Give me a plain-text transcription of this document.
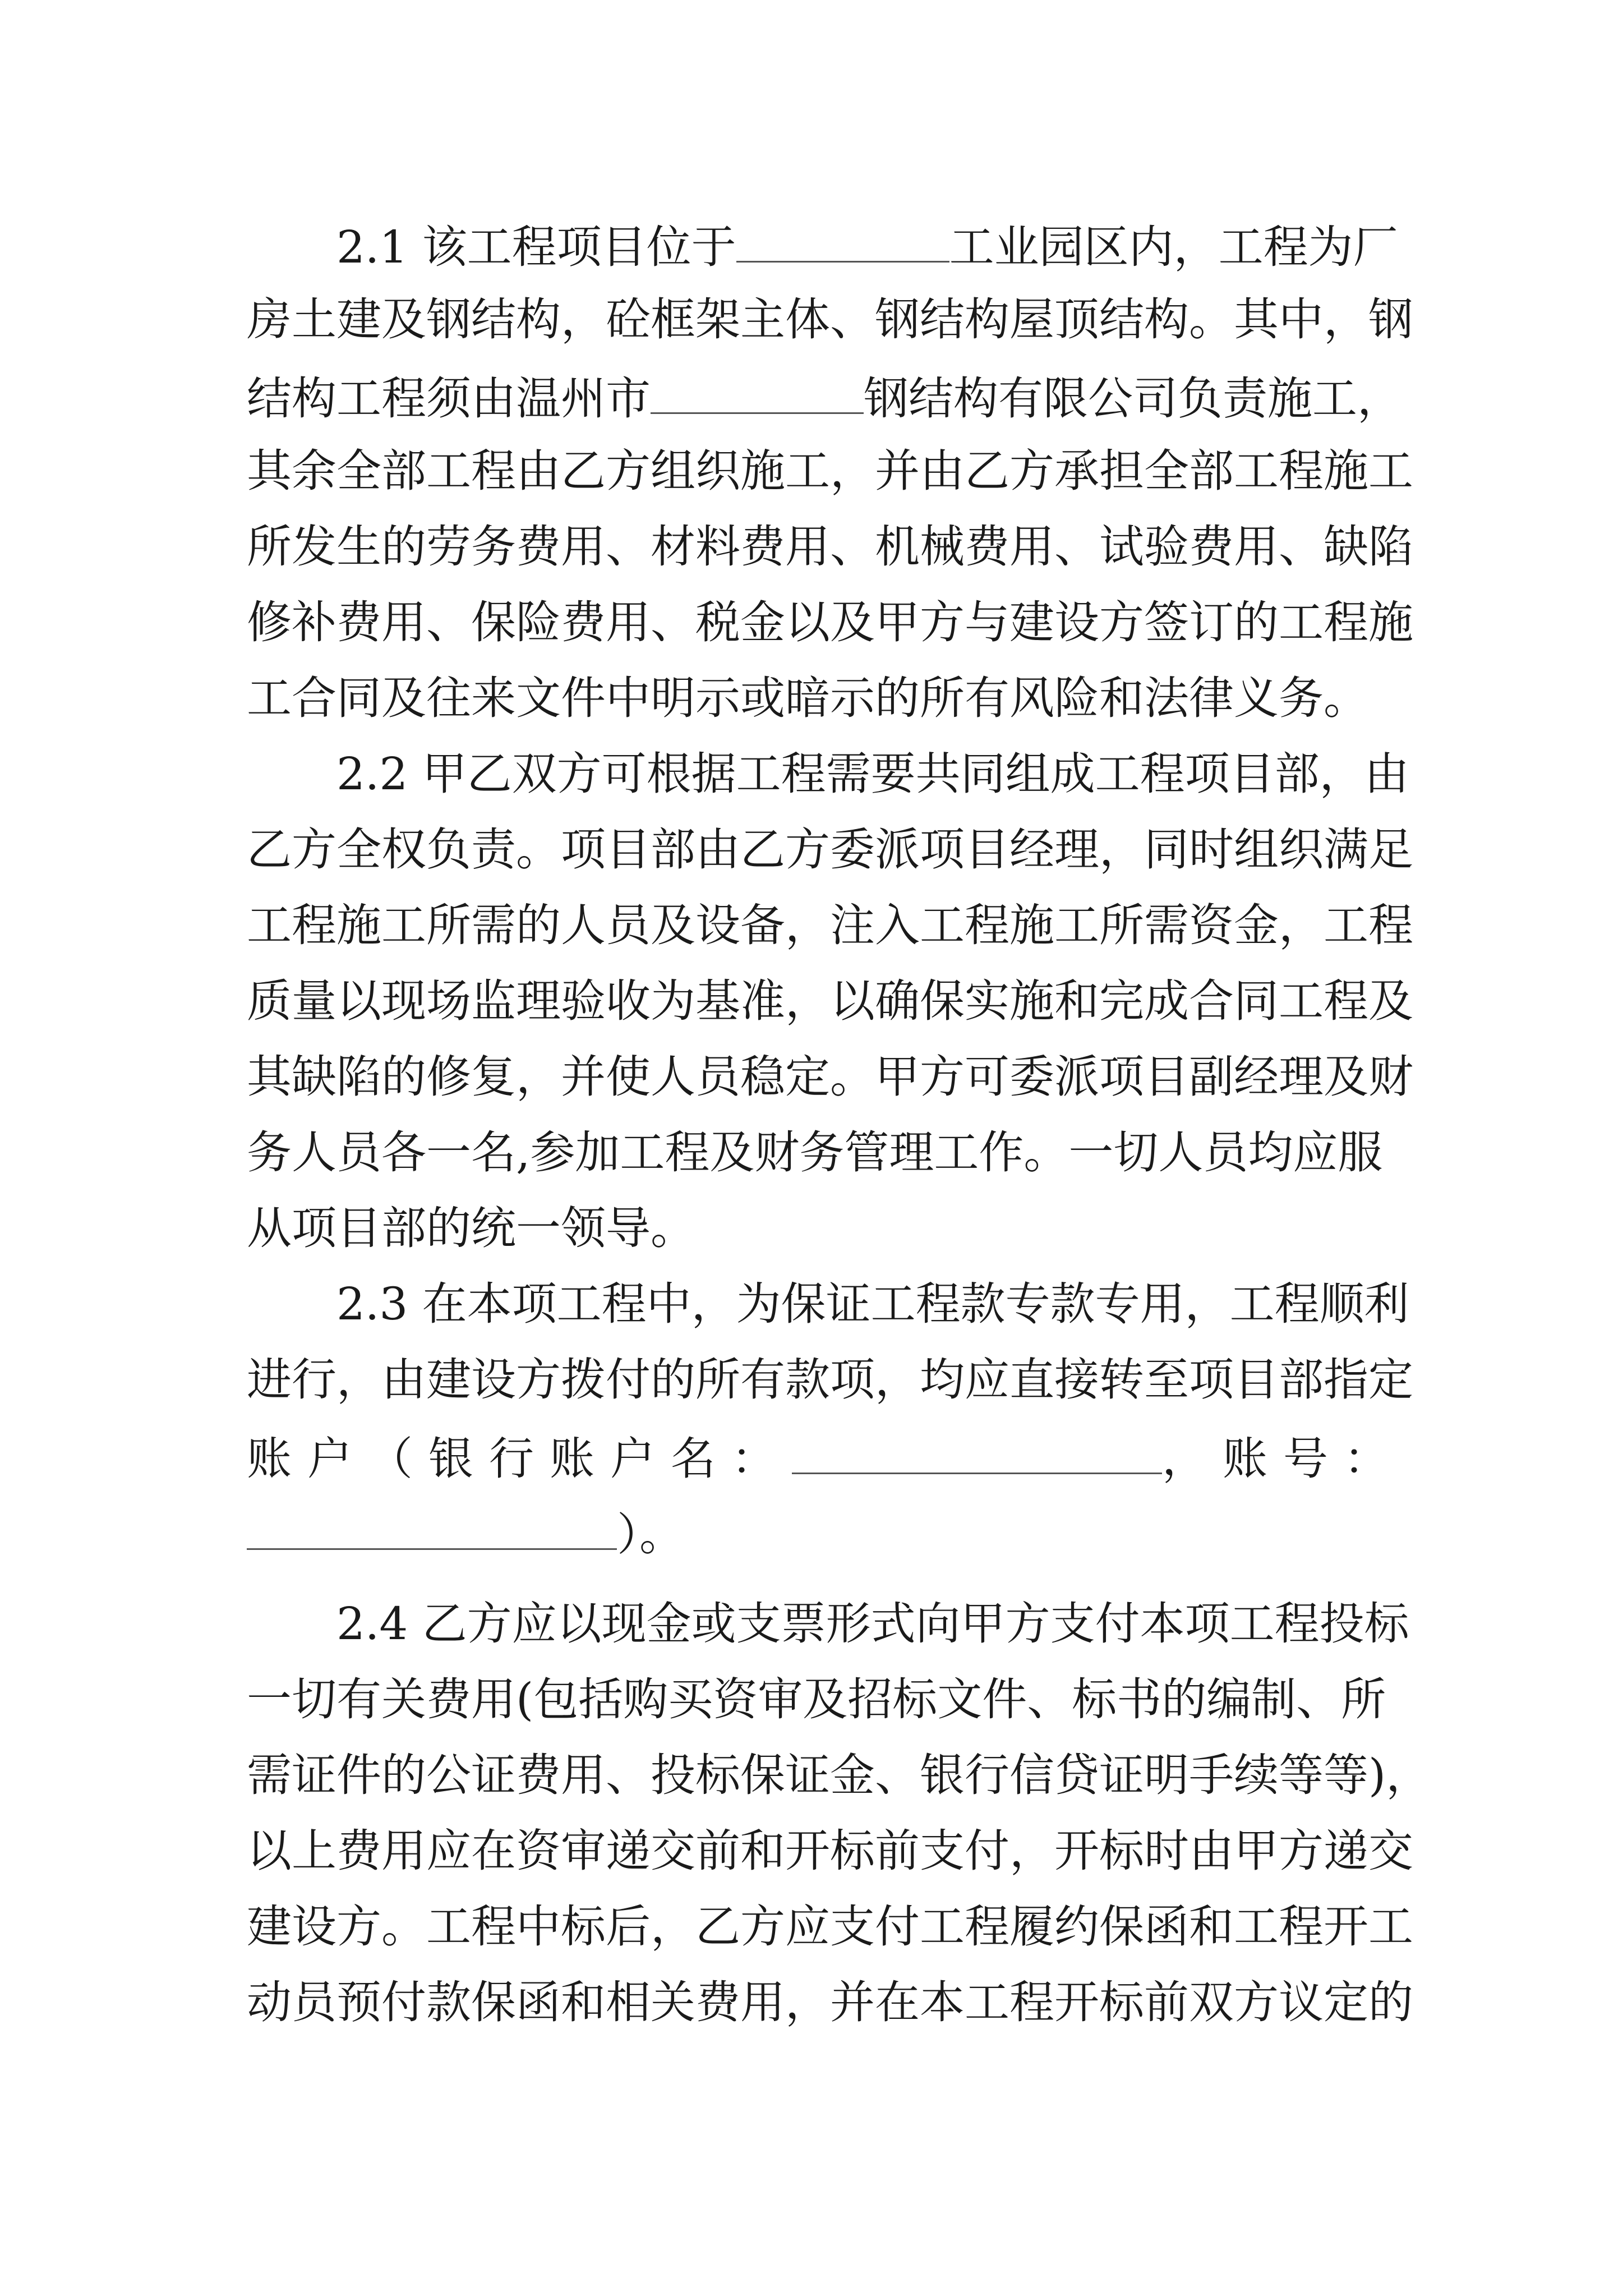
2.1 该工程项目位于	工业园区内，工程为厂
房土建及钢结构，砼框架主体、钢结构屋顶结构。其中，钢
结构工程须由温州市	钢结构有限公司负责施工，
其余全部工程由乙方组织施工，并由乙方承担全部工程施工
所发生的劳务费用、材料费用、机械费用、试验费用、缺陷
修补费用、保险费用、税金以及甲方与建设方签订的工程施
工合同及往来文件中明示或暗示的所有风险和法律义务。
2.2 甲乙双方可根据工程需要共同组成工程项目部，由
乙方全权负责。项目部由乙方委派项目经理，同时组织满足
工程施工所需的人员及设备，注入工程施工所需资金，工程
质量以现场监理验收为基准，以确保实施和完成合同工程及
其缺陷的修复，并使人员稳定。甲方可委派项目副经理及财
务人员各一名,参加工程及财务管理工作。一切人员均应服
从项目部的统一领导。
2.3 在本项工程中，为保证工程款专款专用，工程顺利
进行，由建设方拨付的所有款项，均应直接转至项目部指定
账户（银行账户名：	，账号：
）。
2.4 乙方应以现金或支票形式向甲方支付本项工程投标
一切有关费用(包括购买资审及招标文件、标书的编制、所
需证件的公证费用、投标保证金、银行信贷证明手续等等)，
以上费用应在资审递交前和开标前支付，开标时由甲方递交
建设方。工程中标后，乙方应支付工程履约保函和工程开工
动员预付款保函和相关费用，并在本工程开标前双方议定的
